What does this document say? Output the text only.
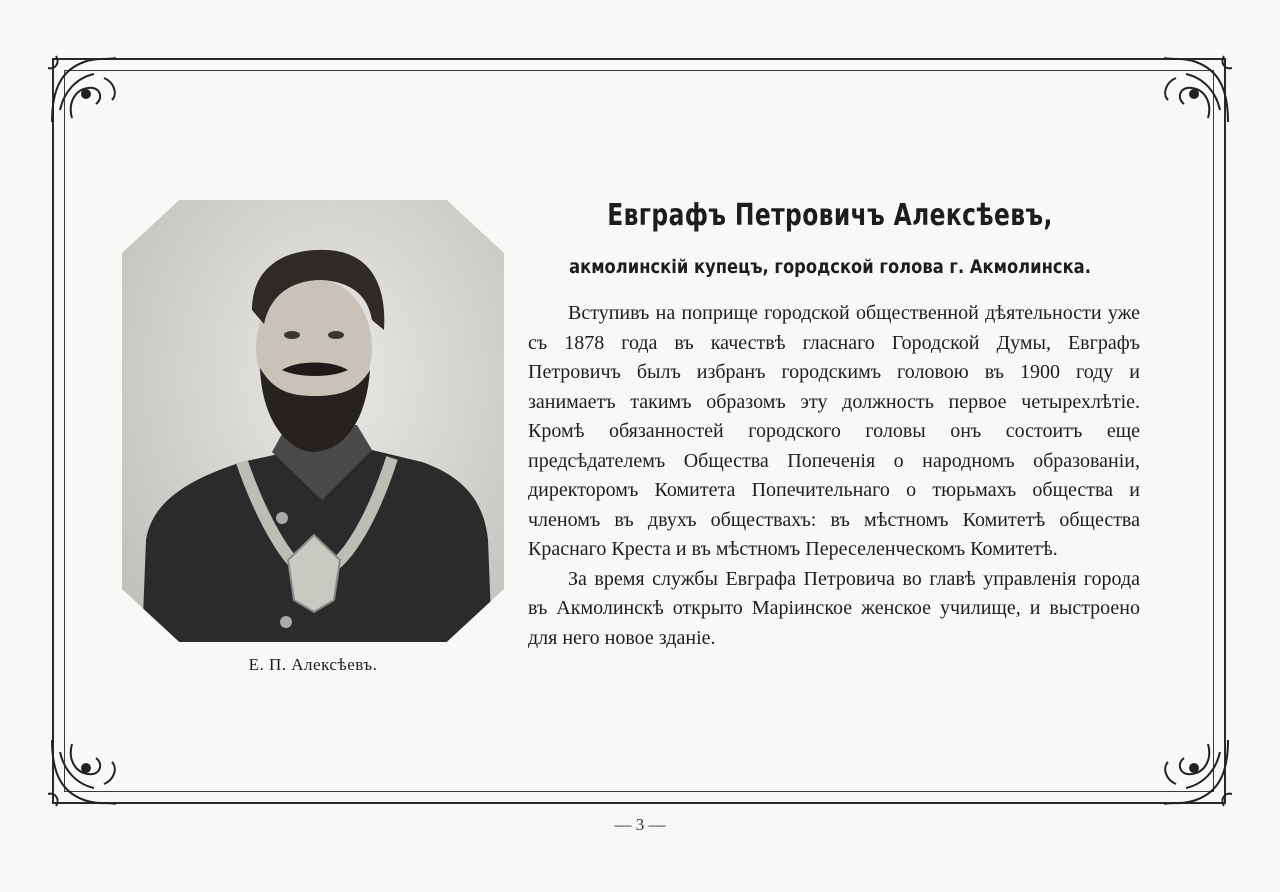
Е. П. Алексѣевъ.
Евграфъ Петровичъ Алексѣевъ,
акмолинскій купецъ, городской голова г. Акмолинска.

Вступивъ на поприще городской общественной дѣятельности уже съ 1878 года въ качествѣ гласнаго Городской Думы, Евграфъ Петровичъ былъ избранъ городскимъ головою въ 1900 году и занимаетъ такимъ образомъ эту должность первое четырехлѣтіе. Кромѣ обязанностей городского головы онъ состоитъ еще предсѣдателемъ Общества Попеченія о народномъ образованіи, директоромъ Комитета Попечительнаго о тюрьмахъ общества и членомъ въ двухъ обществахъ: въ мѣстномъ Комитетѣ общества Краснаго Креста и въ мѣстномъ Переселенческомъ Комитетѣ.

За время службы Евграфа Петровича во главѣ управленія города въ Акмолинскѣ открыто Маріинское женское училище, и выстроено для него новое зданіе.

— 3 —
